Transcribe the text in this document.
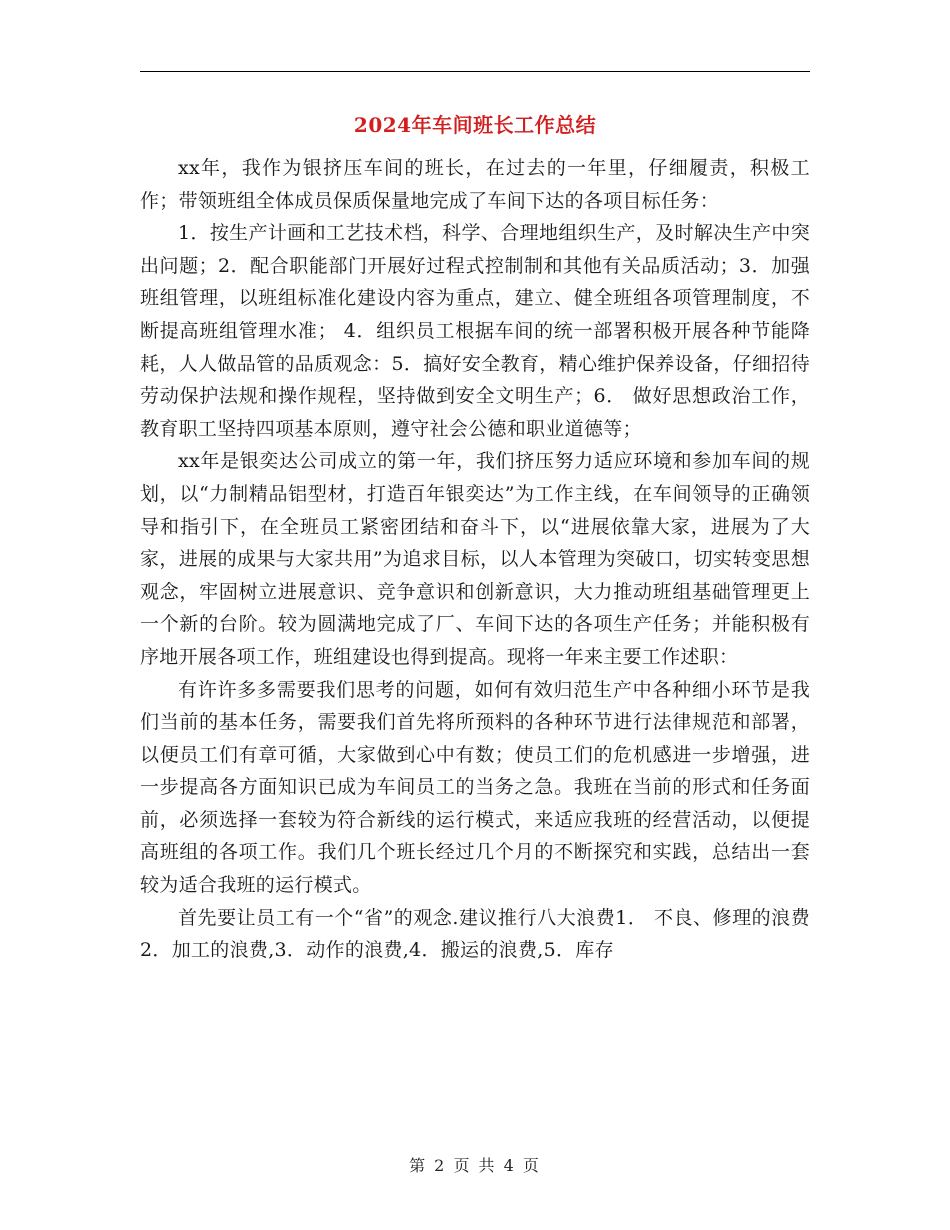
2024年车间班长工作总结

xx年，我作为银挤压车间的班长，在过去的一年里，仔细履责，积极工作；带领班组全体成员保质保量地完成了车间下达的各项目标任务：

1．按生产计画和工艺技术档，科学、合理地组织生产，及时解决生产中突出问题；2．配合职能部门开展好过程式控制制和其他有关品质活动；3．加强班组管理，以班组标准化建设内容为重点，建立、健全班组各项管理制度，不断提高班组管理水准； 4．组织员工根据车间的统一部署积极开展各种节能降耗，人人做品管的品质观念：5．搞好安全教育，精心维护保养设备，仔细招待劳动保护法规和操作规程，坚持做到安全文明生产；6． 做好思想政治工作，教育职工坚持四项基本原则，遵守社会公德和职业道德等；

xx年是银奕达公司成立的第一年，我们挤压努力适应环境和参加车间的规划，以“力制精品铝型材，打造百年银奕达”为工作主线，在车间领导的正确领导和指引下，在全班员工紧密团结和奋斗下，以“进展依靠大家，进展为了大家，进展的成果与大家共用”为追求目标，以人本管理为突破口，切实转变思想观念，牢固树立进展意识、竞争意识和创新意识，大力推动班组基础管理更上一个新的台阶。较为圆满地完成了厂、车间下达的各项生产任务；并能积极有序地开展各项工作，班组建设也得到提高。现将一年来主要工作述职：

有许许多多需要我们思考的问题，如何有效归范生产中各种细小环节是我们当前的基本任务，需要我们首先将所预料的各种环节进行法律规范和部署，以便员工们有章可循，大家做到心中有数；使员工们的危机感进一步增强，进一步提高各方面知识已成为车间员工的当务之急。我班在当前的形式和任务面前，必须选择一套较为符合新线的运行模式，来适应我班的经营活动，以便提高班组的各项工作。我们几个班长经过几个月的不断探究和实践，总结出一套较为适合我班的运行模式。

首先要让员工有一个“省”的观念.建议推行八大浪费1． 不良、修理的浪费 2．加工的浪费,3．动作的浪费,4．搬运的浪费,5．库存

第 2 页 共 4 页
